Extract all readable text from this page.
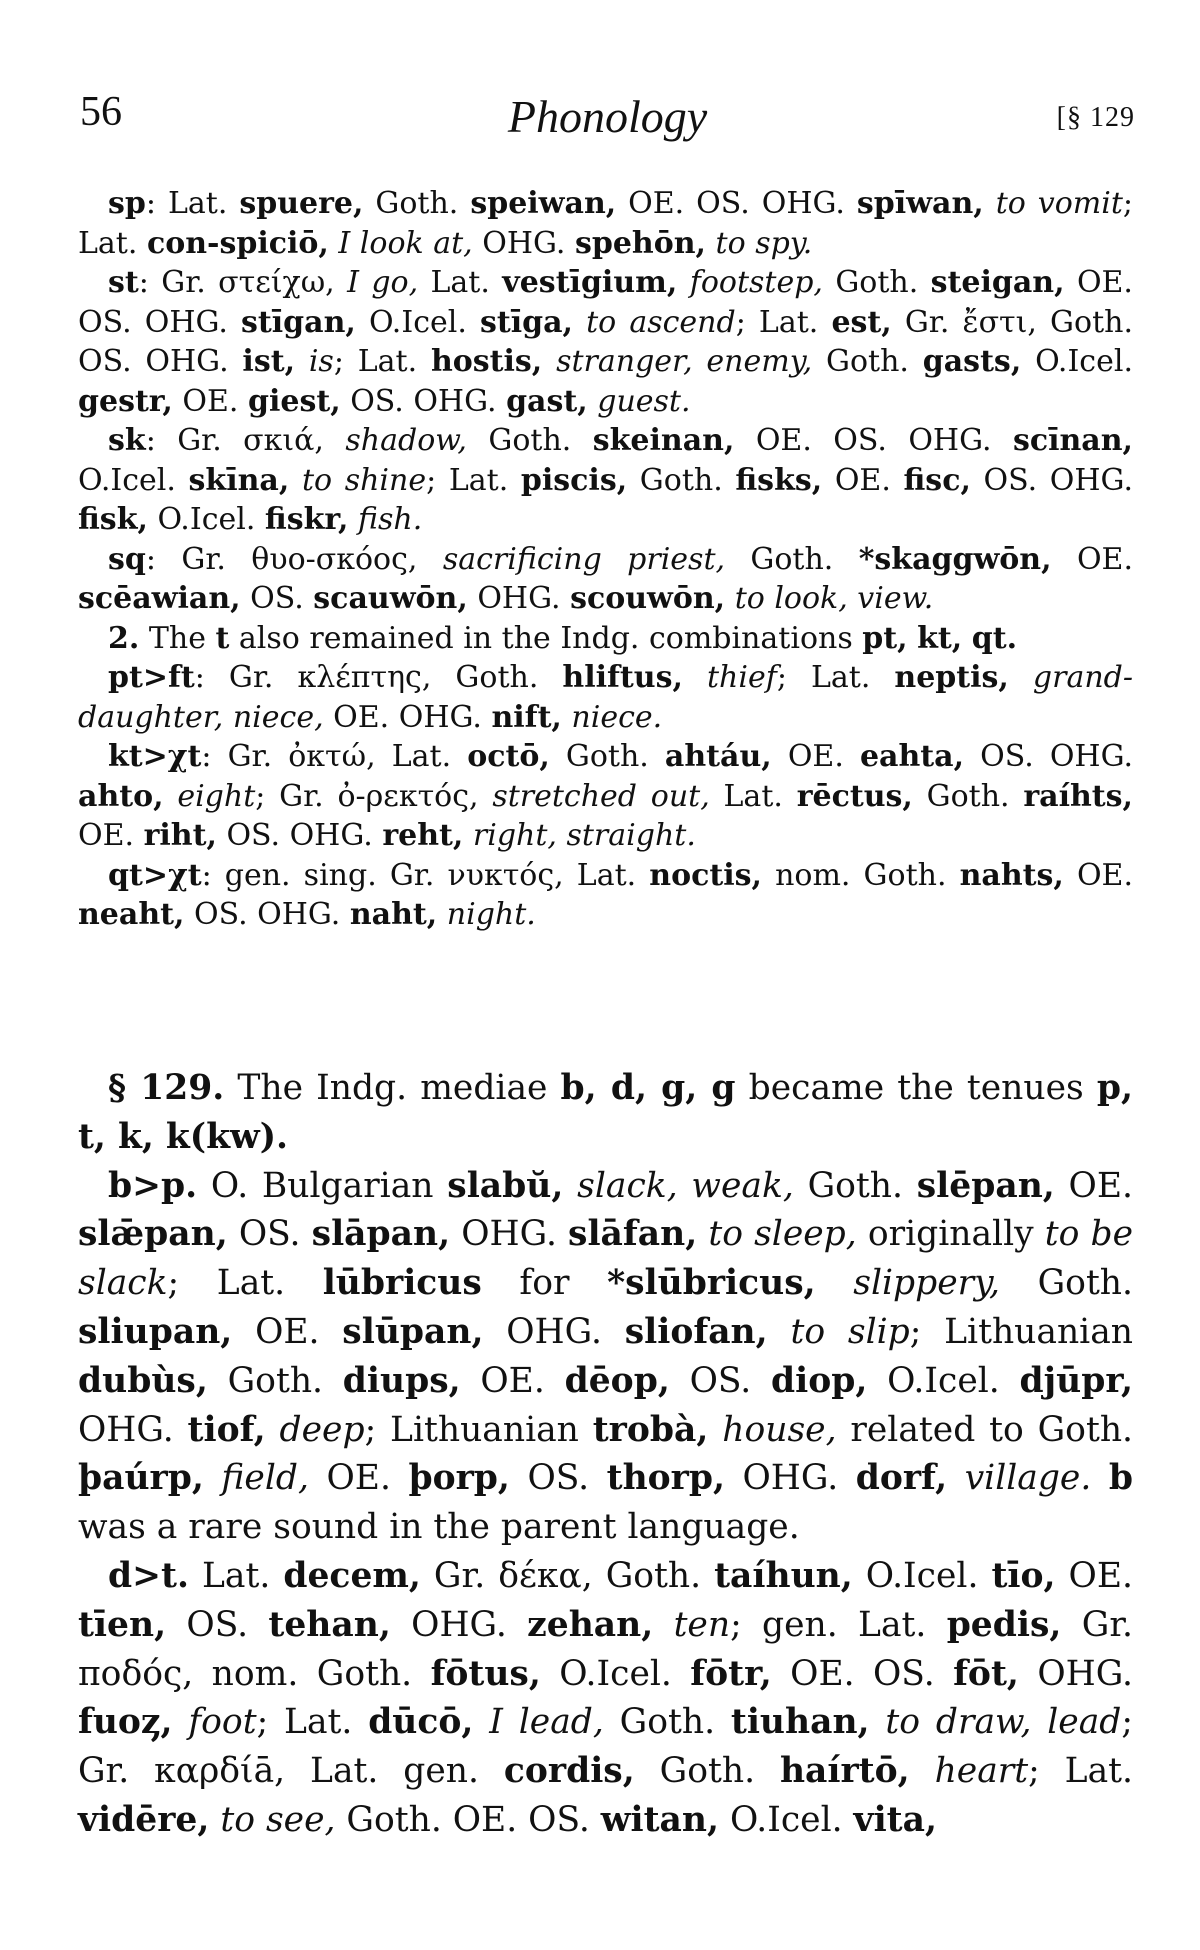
56	Phonology	[§ 129

sp: Lat. spuere, Goth. speiwan, OE. OS. OHG. spīwan, to vomit; Lat. con-spiciō, I look at, OHG. spehōn, to spy.

st: Gr. στείχω, I go, Lat. vestīgium, footstep, Goth. steigan, OE. OS. OHG. stīgan, O.Icel. stīga, to ascend; Lat. est, Gr. ἔστι, Goth. OS. OHG. ist, is; Lat. hostis, stranger, enemy, Goth. gasts, O.Icel. gestr, OE. giest, OS. OHG. gast, guest.

sk: Gr. σκιά, shadow, Goth. skeinan, OE. OS. OHG. scīnan, O.Icel. skīna, to shine; Lat. piscis, Goth. fisks, OE. fisc, OS. OHG. fisk, O.Icel. fiskr, fish.

sq: Gr. θυο-σκόος, sacrificing priest, Goth. *skaggwōn, OE. scēawian, OS. scauwōn, OHG. scouwōn, to look, view.

2. The t also remained in the Indg. combinations pt, kt, qt.

pt>ft: Gr. κλέπτης, Goth. hliftus, thief; Lat. neptis, grand-daughter, niece, OE. OHG. nift, niece.

kt>χt: Gr. ὀκτώ, Lat. octō, Goth. ahtáu, OE. eahta, OS. OHG. ahto, eight; Gr. ὀ-ρεκτός, stretched out, Lat. rēctus, Goth. raíhts, OE. riht, OS. OHG. reht, right, straight.

qt>χt: gen. sing. Gr. νυκτός, Lat. noctis, nom. Goth. nahts, OE. neaht, OS. OHG. naht, night.

§ 129. The Indg. mediae b, d, g, g became the tenues p, t, k, k(kw).

b>p. O. Bulgarian slabŭ, slack, weak, Goth. slēpan, OE. slǣpan, OS. slāpan, OHG. slāfan, to sleep, originally to be slack; Lat. lūbricus for *slūbricus, slippery, Goth. sliupan, OE. slūpan, OHG. sliofan, to slip; Lithuanian dubùs, Goth. diups, OE. dēop, OS. diop, O.Icel. djūpr, OHG. tiof, deep; Lithuanian trobà, house, related to Goth. þaúrp, field, OE. þorp, OS. thorp, OHG. dorf, village. b was a rare sound in the parent language.

d>t. Lat. decem, Gr. δέκα, Goth. taíhun, O.Icel. tīo, OE. tīen, OS. tehan, OHG. zehan, ten; gen. Lat. pedis, Gr. ποδός, nom. Goth. fōtus, O.Icel. fōtr, OE. OS. fōt, OHG. fuoȥ, foot; Lat. dūcō, I lead, Goth. tiuhan, to draw, lead; Gr. καρδίā, Lat. gen. cordis, Goth. haírtō, heart; Lat. vidēre, to see, Goth. OE. OS. witan, O.Icel. vita,
